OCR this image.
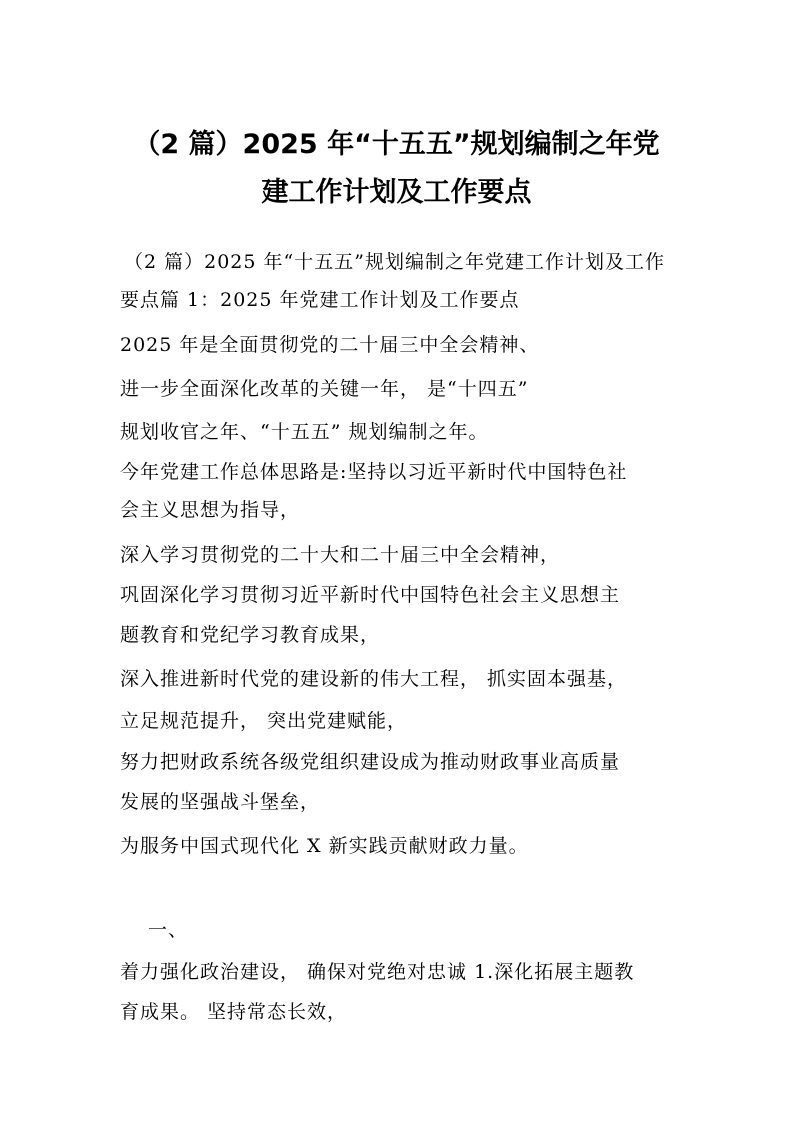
（2 篇）2025 年“十五五”规划编制之年党
建工作计划及工作要点
（2 篇）2025 年“十五五”规划编制之年党建工作计划及工作
要点篇 1：2025 年党建工作计划及工作要点
2025 年是全面贯彻党的二十届三中全会精神、
进一步全面深化改革的关键一年， 是“十四五”
规划收官之年、“十五五” 规划编制之年。
今年党建工作总体思路是:坚持以习近平新时代中国特色社
会主义思想为指导，
深入学习贯彻党的二十大和二十届三中全会精神，
巩固深化学习贯彻习近平新时代中国特色社会主义思想主
题教育和党纪学习教育成果，
深入推进新时代党的建设新的伟大工程， 抓实固本强基，
立足规范提升， 突出党建赋能，
努力把财政系统各级党组织建设成为推动财政事业高质量
发展的坚强战斗堡垒，
为服务中国式现代化 X 新实践贡献财政力量。
一、
着力强化政治建设， 确保对党绝对忠诚 1.深化拓展主题教
育成果。 坚持常态长效，
